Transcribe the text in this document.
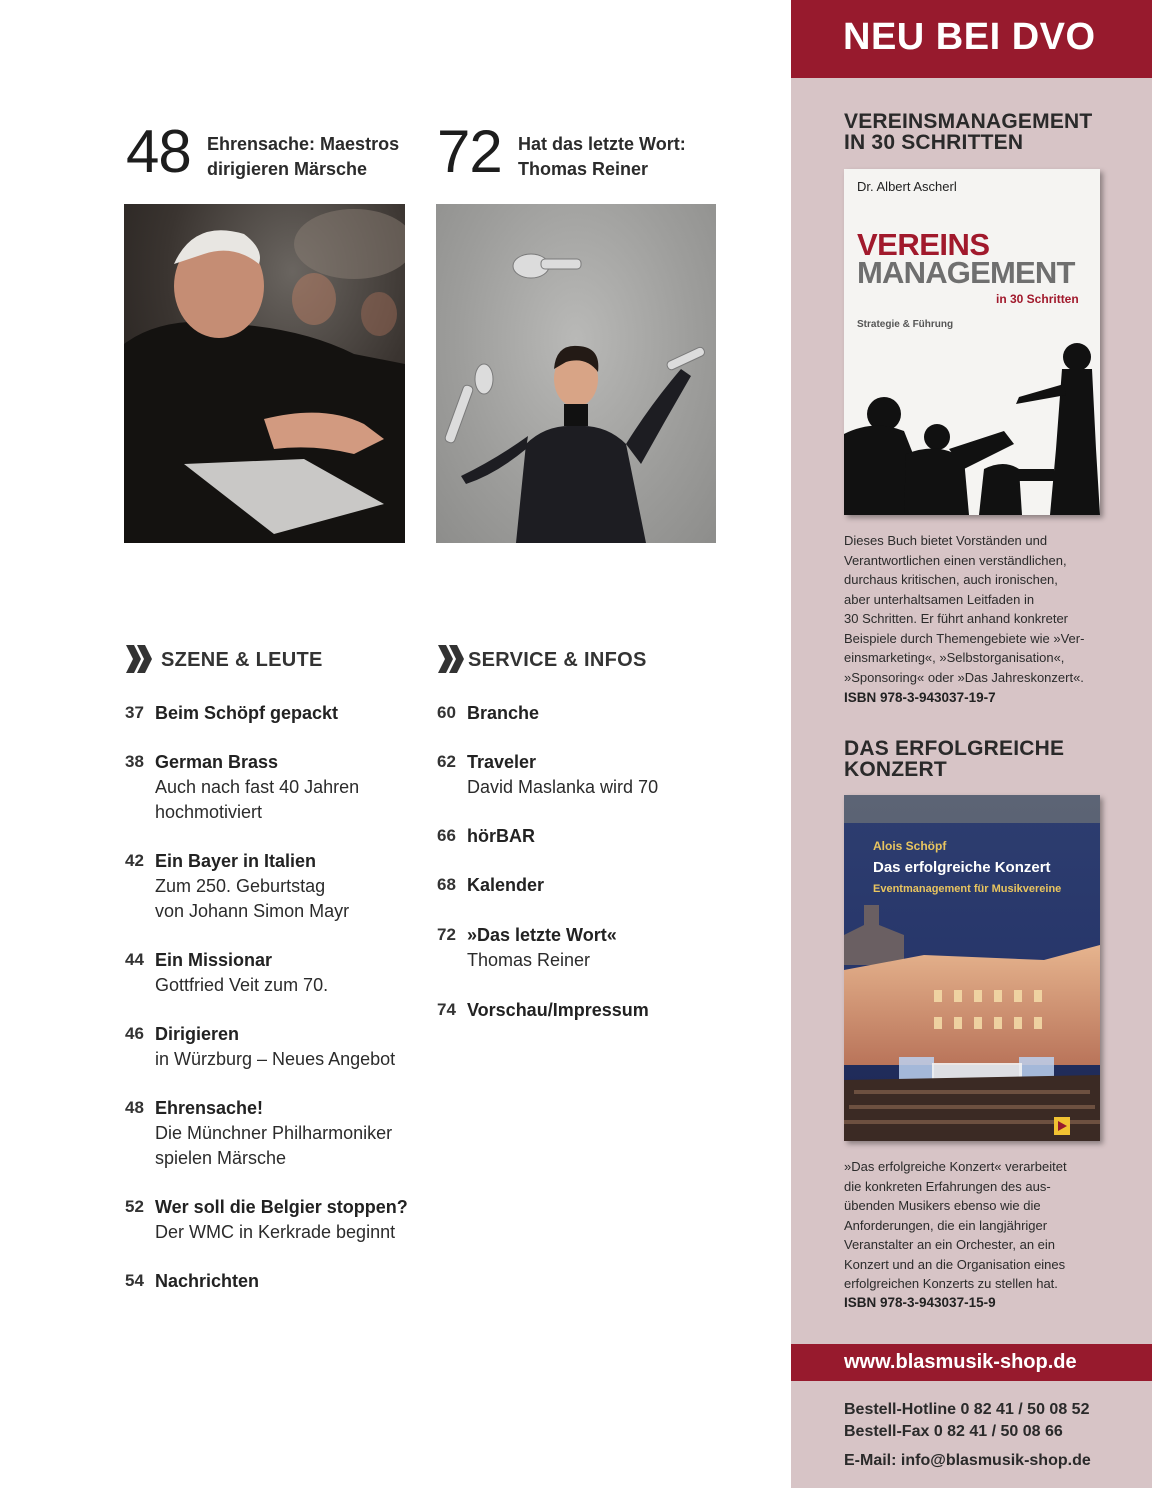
48 Ehrensache: Maestros
dirigieren Märsche	72 Hat das letzte Wort:
Thomas Reiner
SZENE & LEUTE
37 Beim Schöpf gepackt
38 German Brass
Auch nach fast 40 Jahren
hochmotiviert
42 Ein Bayer in Italien
Zum 250. Geburtstag
von Johann Simon Mayr
44 Ein Missionar
Gottfried Veit zum 70.
46 Dirigieren
in Würzburg – Neues Angebot
48 Ehrensache!
Die Münchner Philharmoniker
spielen Märsche
52 Wer soll die Belgier stoppen?
Der WMC in Kerkrade beginnt
54 Nachrichten
SERVICE & INFOS
60 Branche
62 Traveler
David Maslanka wird 70
66 hörBAR
68 Kalender
72 »Das letzte Wort«
Thomas Reiner
74 Vorschau/Impressum
NEU BEI DVO
VEREINSMANAGEMENT
IN 30 SCHRITTEN
Dr. Albert Ascherl
VEREINS
MANAGEMENT
in 30 Schritten
Strategie & Führung
Dieses Buch bietet Vorständen und
Verantwortlichen einen verständlichen,
durchaus kritischen, auch ironischen,
aber unterhaltsamen Leitfaden in
30 Schritten. Er führt anhand konkreter
Beispiele durch Themengebiete wie »Ver-
einsmarketing«, »Selbstorganisation«,
»Sponsoring« oder »Das Jahreskonzert«.
ISBN 978-3-943037-19-7
DAS ERFOLGREICHE
KONZERT
Alois Schöpf
Das erfolgreiche Konzert
Eventmanagement für Musikvereine
»Das erfolgreiche Konzert« verarbeitet
die konkreten Erfahrungen des aus-
übenden Musikers ebenso wie die
Anforderungen, die ein langjähriger
Veranstalter an ein Orchester, an ein
Konzert und an die Organisation eines
erfolgreichen Konzerts zu stellen hat.
ISBN 978-3-943037-15-9
www.blasmusik-shop.de
Bestell-Hotline 0 82 41 / 50 08 52
Bestell-Fax 0 82 41 / 50 08 66
E-Mail: info@blasmusik-shop.de
